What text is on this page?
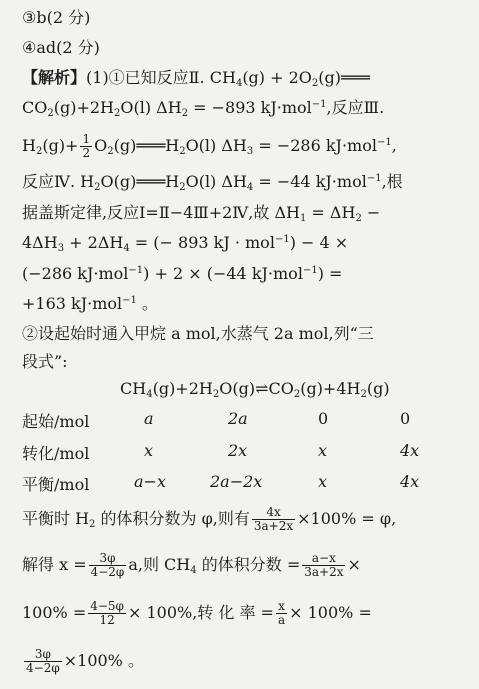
③b(2 分)
④ad(2 分)
【解析】(1)①已知反应Ⅱ. $CH_4(g)$ + $2O_2(g)═══$
$CO_2(g)+2H_2O(l) \Delta H_2 = -893$ kJ·mol$^{-1}$,反应Ⅲ.
$H_2(g)+ \frac{1}{2}$ $O_2(g)═══H_2O(l) \Delta H_3 = -286$ kJ·mol$^{-1}$,
反应Ⅳ. $H_2O(g)═══H_2O(l) \Delta H_4 = -44$ kJ·mol$^{-1}$,根
据盖斯定律,反应Ⅰ=Ⅱ−4Ⅲ+2Ⅳ,故 $\Delta H_1 = \Delta H_2$ −
$4\Delta H_3 + 2\Delta H_4$ = (− 893 kJ · mol$^{-1}$) − 4 ×
(−286 kJ·mol$^{-1}$) + 2 × (−44 kJ·mol$^{-1}$) =
+163 kJ·mol$^{-1}$ 。
②设起始时通入甲烷 a mol,水蒸气 2a mol,列“三
段式”:
$CH_4(g)+2H_2O(g)\rightleftharpoons CO_2(g)+4H_2(g)$
起始/mol	a	2a	0	0
转化/mol	x	2x	x	4x
平衡/mol	a−x	2a−2x	x	4x
平衡时 $H_2$ 的体积分数为 φ,则有 $\frac{4x}{3a+2x} \times 100\% = \varphi$,
解得 $x = \frac{3\varphi}{4-2\varphi} a$,则 $CH_4$ 的体积分数 = $\frac{a-x}{3a+2x}$ ×
$100\% = \frac{4-5\varphi}{12} \times 100\%$,转 化 率 = $\frac{x}{a} \times 100\%$ =
$\frac{3\varphi}{4-2\varphi} \times 100\%$ 。
